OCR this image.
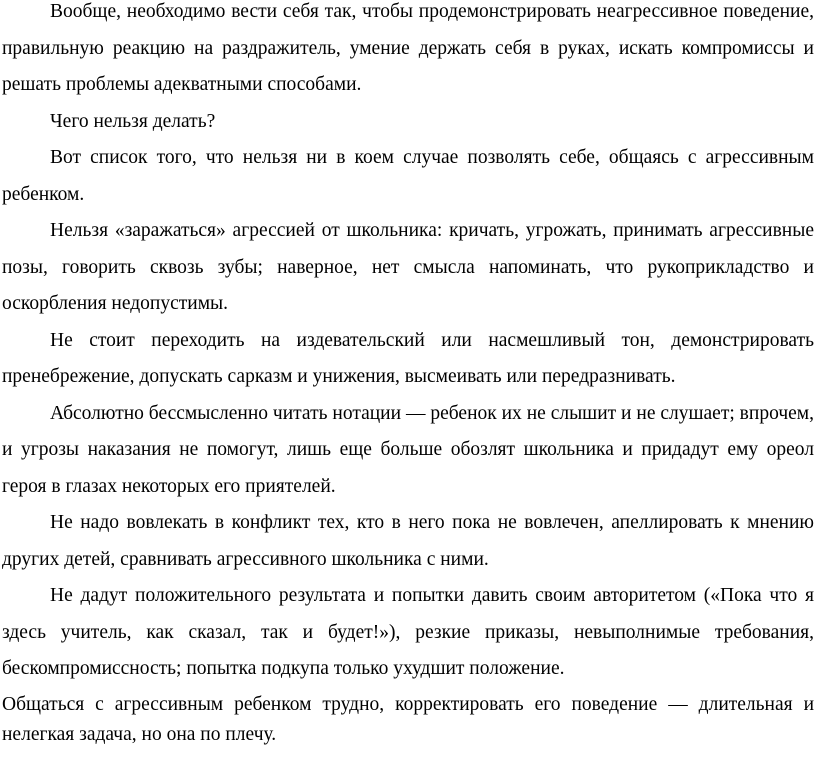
Вообще, необходимо вести себя так, чтобы продемонстрировать неагрессивное поведение, правильную реакцию на раздражитель, умение держать себя в руках, искать компромиссы и решать проблемы адекватными способами.

Чего нельзя делать?

Вот список того, что нельзя ни в коем случае позволять себе, общаясь с агрессивным ребенком.

Нельзя «заражаться» агрессией от школьника: кричать, угрожать, принимать агрессивные позы, говорить сквозь зубы; наверное, нет смысла напоминать, что рукоприкладство и оскорбления недопустимы.

Не стоит переходить на издевательский или насмешливый тон, демонстрировать пренебрежение, допускать сарказм и унижения, высмеивать или передразнивать.

Абсолютно бессмысленно читать нотации — ребенок их не слышит и не слушает; впрочем, и угрозы наказания не помогут, лишь еще больше обозлят школьника и придадут ему ореол героя в глазах некоторых его приятелей.

Не надо вовлекать в конфликт тех, кто в него пока не вовлечен, апеллировать к мнению других детей, сравнивать агрессивного школьника с ними.

Не дадут положительного результата и попытки давить своим авторитетом («Пока что я здесь учитель, как сказал, так и будет!»), резкие приказы, невыполнимые требования, бескомпромиссность; попытка подкупа только ухудшит положение.

Общаться с агрессивным ребенком трудно, корректировать его поведение — длительная и нелегкая задача, но она по плечу.
